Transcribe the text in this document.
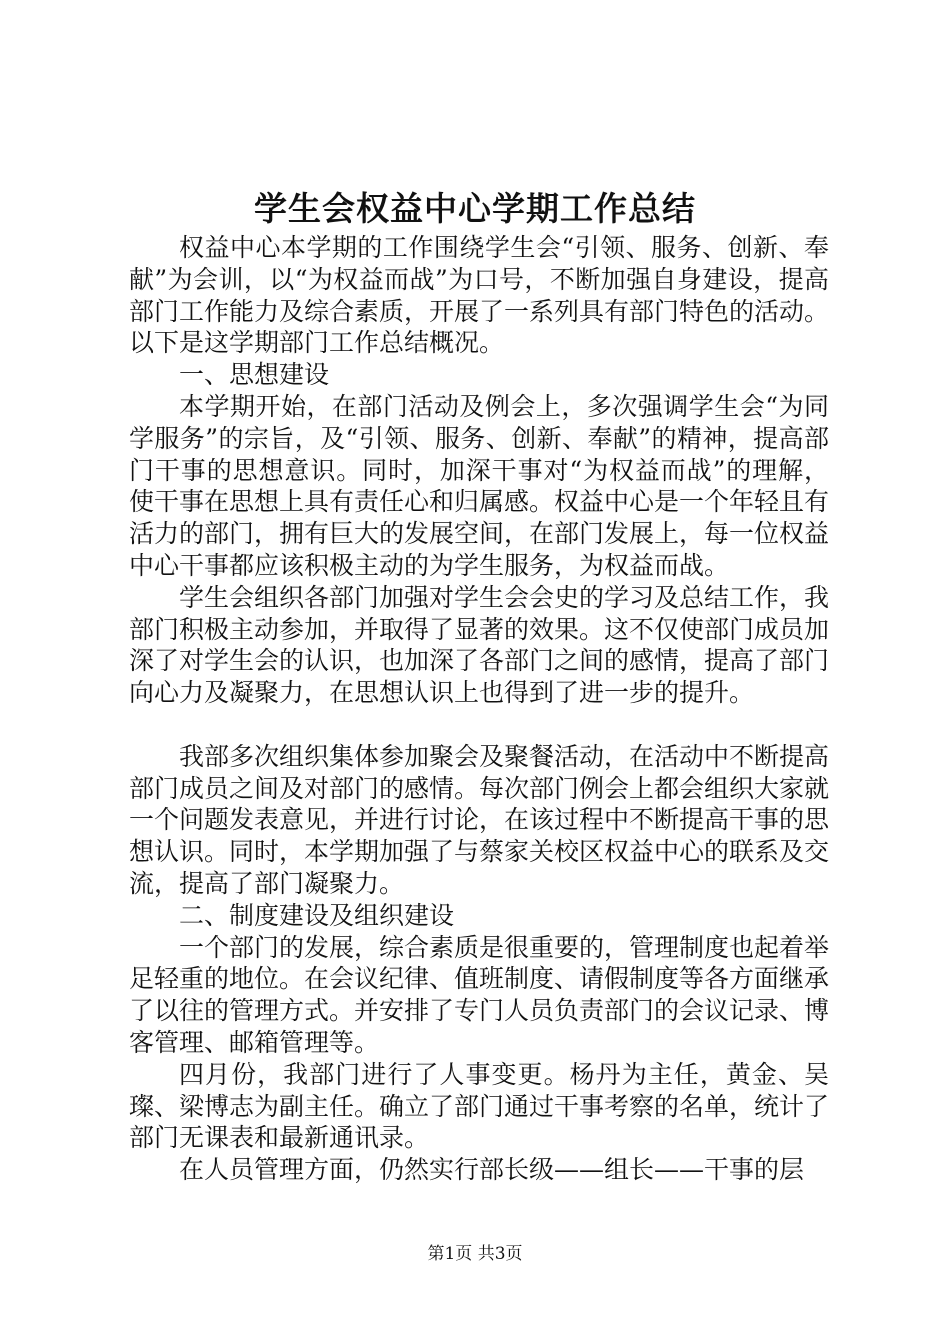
学生会权益中心学期工作总结

权益中心本学期的工作围绕学生会“引领、服务、创新、奉献”为会训，以“为权益而战”为口号，不断加强自身建设，提高部门工作能力及综合素质，开展了一系列具有部门特色的活动。以下是这学期部门工作总结概况。

一、思想建设

本学期开始，在部门活动及例会上，多次强调学生会“为同学服务”的宗旨，及“引领、服务、创新、奉献”的精神，提高部门干事的思想意识。同时，加深干事对“为权益而战”的理解，使干事在思想上具有责任心和归属感。权益中心是一个年轻且有活力的部门，拥有巨大的发展空间，在部门发展上，每一位权益中心干事都应该积极主动的为学生服务，为权益而战。

学生会组织各部门加强对学生会会史的学习及总结工作，我部门积极主动参加，并取得了显著的效果。这不仅使部门成员加深了对学生会的认识，也加深了各部门之间的感情，提高了部门向心力及凝聚力，在思想认识上也得到了进一步的提升。

我部多次组织集体参加聚会及聚餐活动，在活动中不断提高部门成员之间及对部门的感情。每次部门例会上都会组织大家就一个问题发表意见，并进行讨论，在该过程中不断提高干事的思想认识。同时，本学期加强了与蔡家关校区权益中心的联系及交流，提高了部门凝聚力。

二、制度建设及组织建设

一个部门的发展，综合素质是很重要的，管理制度也起着举足轻重的地位。在会议纪律、值班制度、请假制度等各方面继承了以往的管理方式。并安排了专门人员负责部门的会议记录、博客管理、邮箱管理等。

四月份，我部门进行了人事变更。杨丹为主任，黄金、吴璨、梁博志为副主任。确立了部门通过干事考察的名单，统计了部门无课表和最新通讯录。

在人员管理方面，仍然实行部长级——组长——干事的层

第1页 共3页
